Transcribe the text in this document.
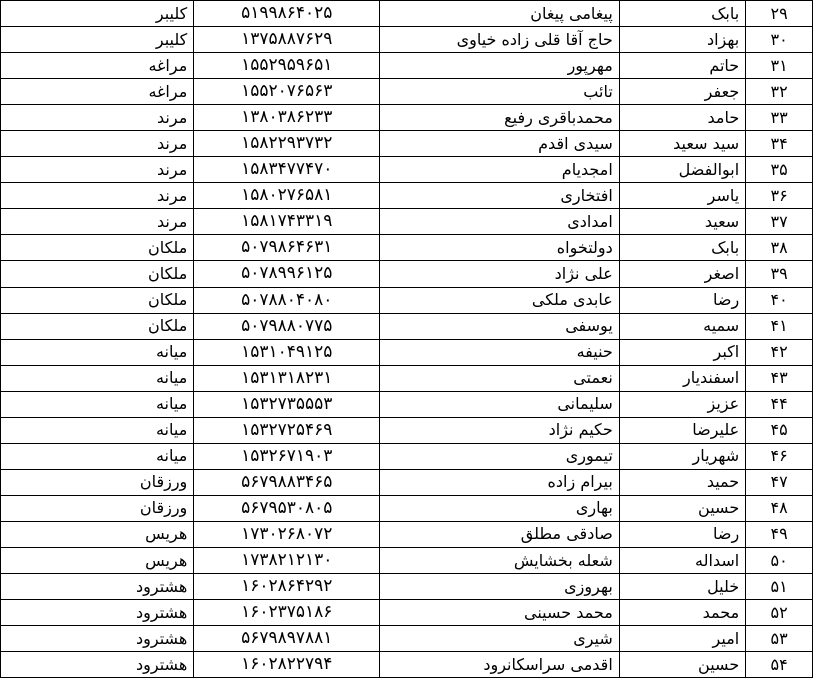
۲۹	بابک	پیغامی پیغان	۵۱۹۹۸۶۴۰۲۵	کلیبر
۳۰	بهزاد	حاج آقا قلی زاده خیاوی	۱۳۷۵۸۸۷۶۲۹	کلیبر
۳۱	حاتم	مهرپور	۱۵۵۲۹۵۹۶۵۱	مراغه
۳۲	جعفر	تائب	۱۵۵۲۰۷۶۵۶۳	مراغه
۳۳	حامد	محمدباقری رفیع	۱۳۸۰۳۸۶۲۳۳	مرند
۳۴	سید سعید	سیدی اقدم	۱۵۸۲۲۹۳۷۳۲	مرند
۳۵	ابوالفضل	امجدیام	۱۵۸۳۴۷۷۴۷۰	مرند
۳۶	یاسر	افتخاری	۱۵۸۰۲۷۶۵۸۱	مرند
۳۷	سعید	امدادی	۱۵۸۱۷۴۳۳۱۹	مرند
۳۸	بابک	دولتخواه	۵۰۷۹۸۶۴۶۳۱	ملکان
۳۹	اصغر	علی نژاد	۵۰۷۸۹۹۶۱۲۵	ملکان
۴۰	رضا	عابدی ملکی	۵۰۷۸۸۰۴۰۸۰	ملکان
۴۱	سمیه	یوسفی	۵۰۷۹۸۸۰۷۷۵	ملکان
۴۲	اکبر	حنیفه	۱۵۳۱۰۴۹۱۲۵	میانه
۴۳	اسفندیار	نعمتی	۱۵۳۱۳۱۸۲۳۱	میانه
۴۴	عزیز	سلیمانی	۱۵۳۲۷۳۵۵۵۳	میانه
۴۵	علیرضا	حکیم نژاد	۱۵۳۲۷۲۵۴۶۹	میانه
۴۶	شهریار	تیموری	۱۵۳۲۶۷۱۹۰۳	میانه
۴۷	حمید	بیرام زاده	۵۶۷۹۸۸۳۴۶۵	ورزقان
۴۸	حسین	بهاری	۵۶۷۹۵۳۰۸۰۵	ورزقان
۴۹	رضا	صادقی مطلق	۱۷۳۰۲۶۸۰۷۲	هریس
۵۰	اسداله	شعله بخشایش	۱۷۳۸۲۱۲۱۳۰	هریس
۵۱	خلیل	بهروزی	۱۶۰۲۸۶۴۲۹۲	هشترود
۵۲	محمد	محمد حسینی	۱۶۰۲۳۷۵۱۸۶	هشترود
۵۳	امیر	شیری	۵۶۷۹۸۹۷۸۸۱	هشترود
۵۴	حسین	اقدمی سراسکانرود	۱۶۰۲۸۲۲۷۹۴	هشترود
